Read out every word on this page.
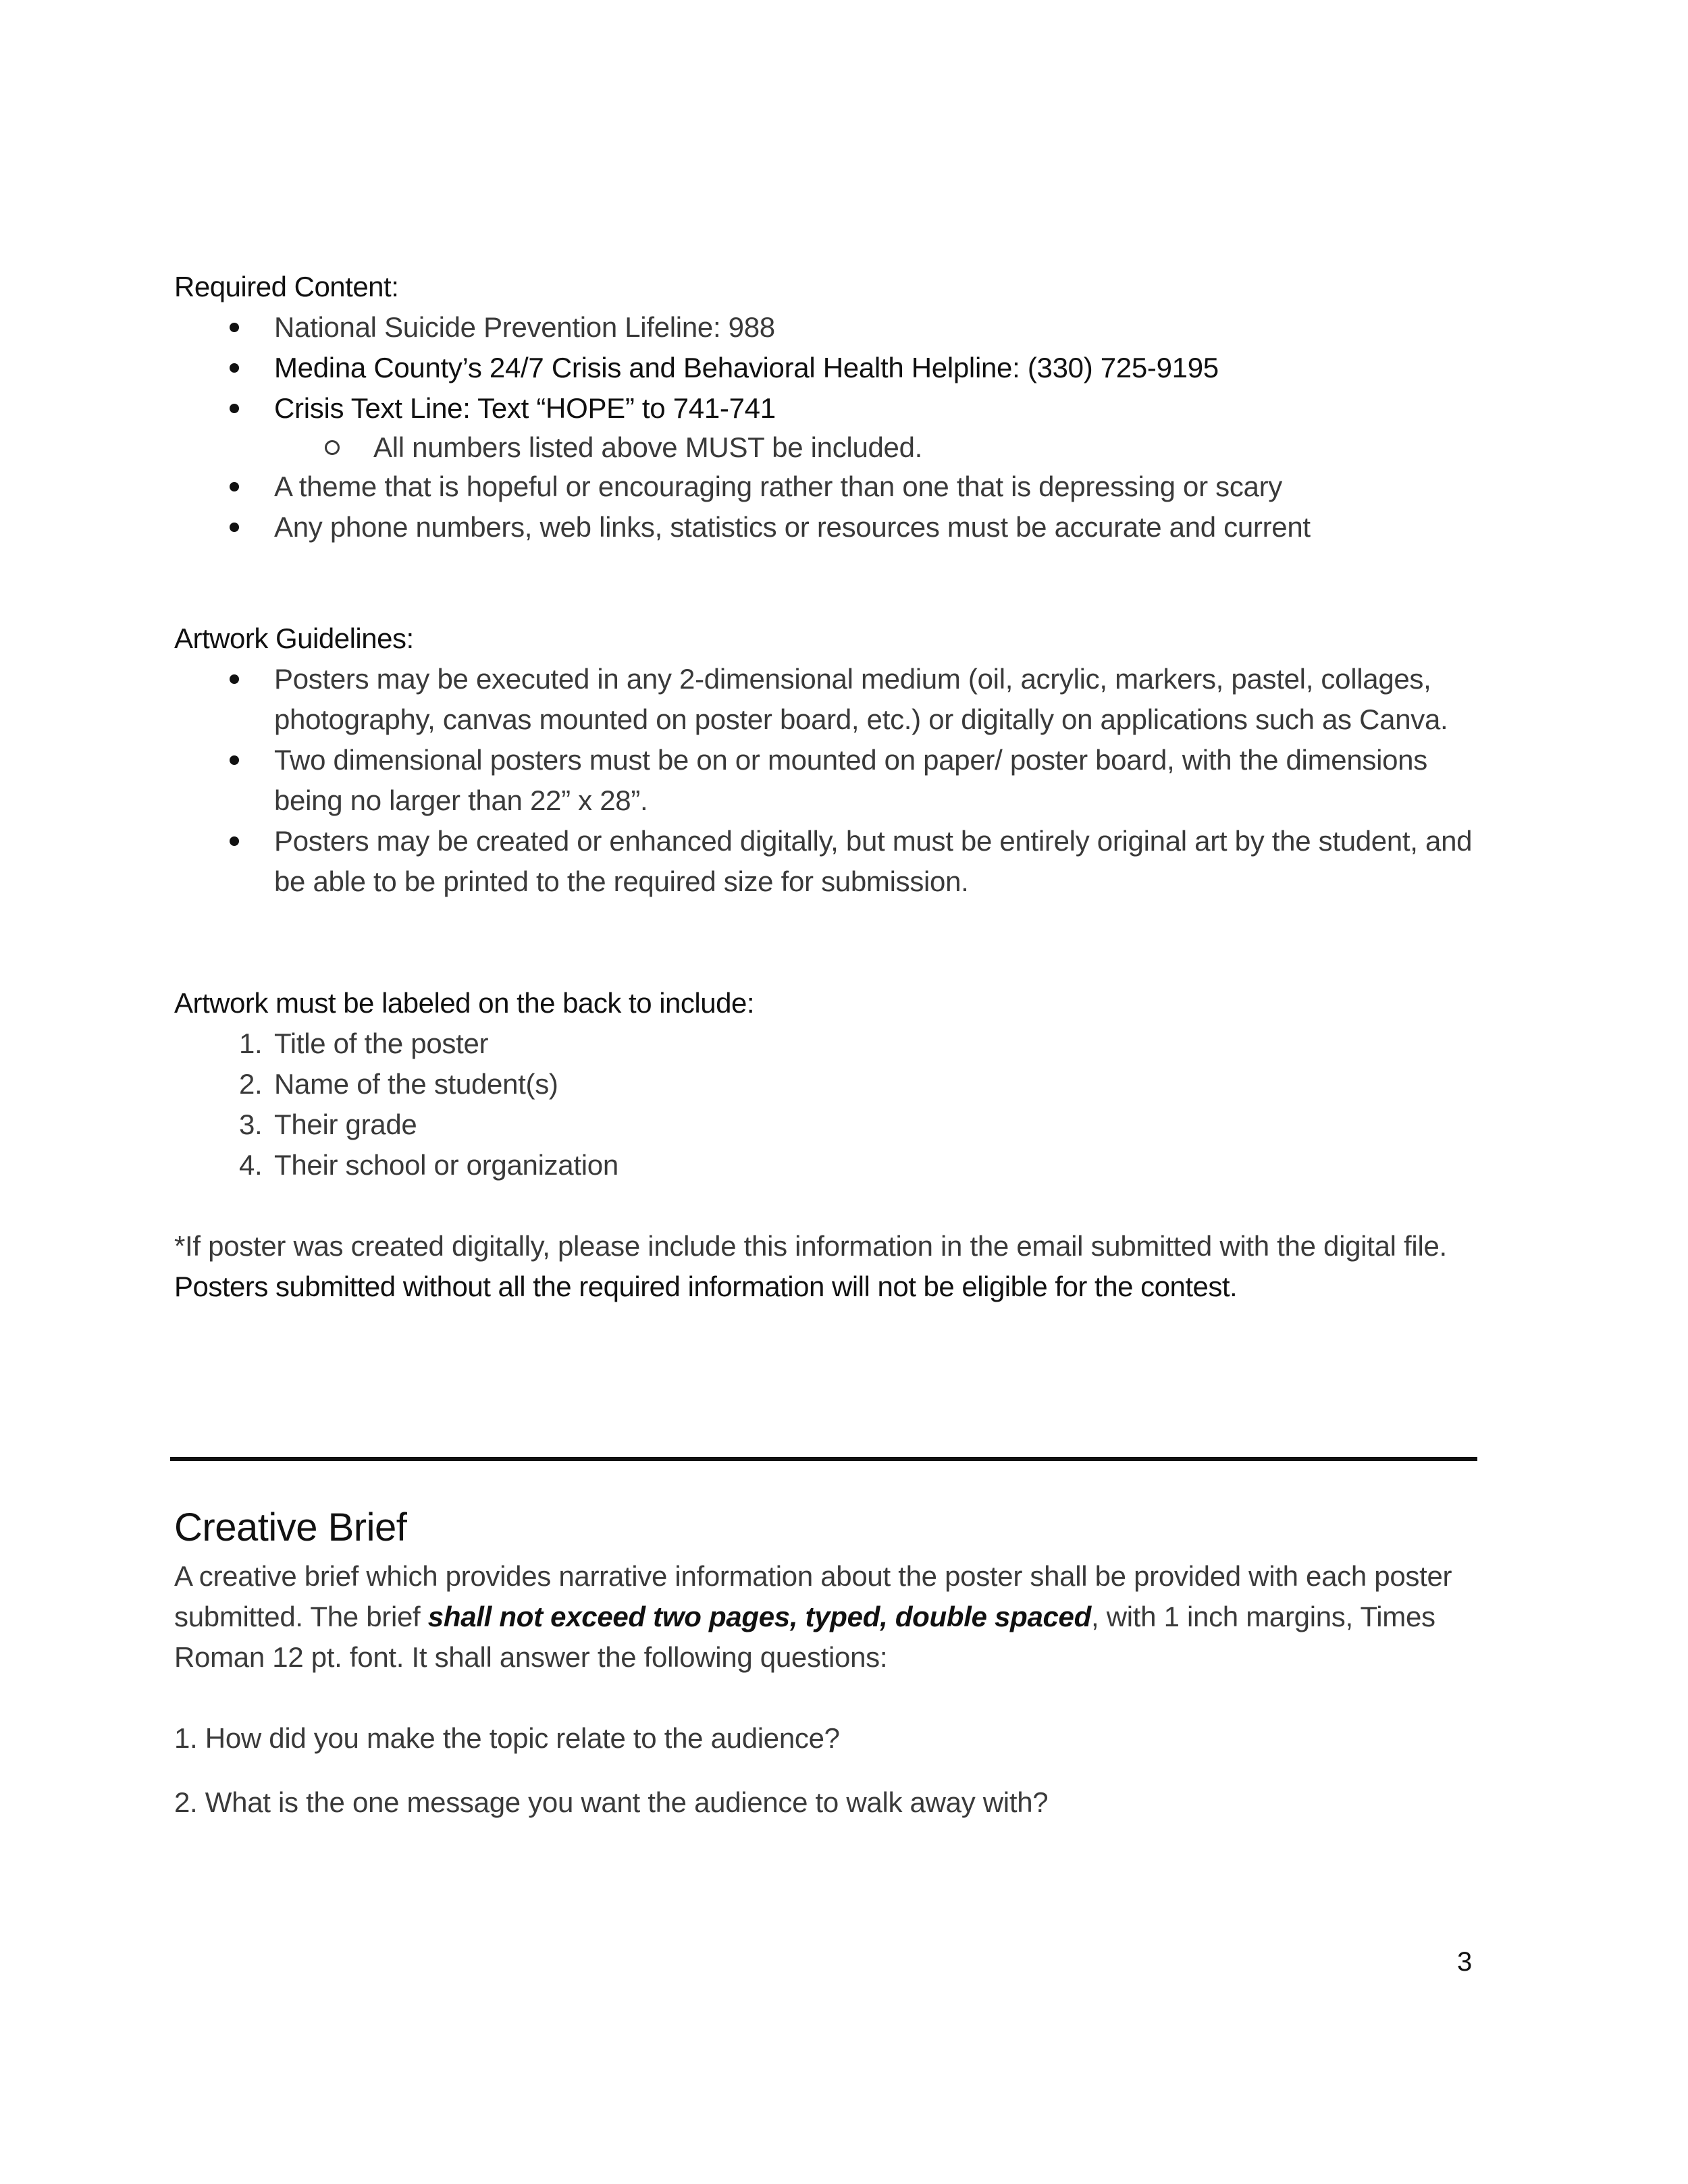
Required Content:

National Suicide Prevention Lifeline: 988
Medina County’s 24/7 Crisis and Behavioral Health Helpline: (330) 725-9195
Crisis Text Line: Text “HOPE” to 741-741
All numbers listed above MUST be included.
A theme that is hopeful or encouraging rather than one that is depressing or scary
Any phone numbers, web links, statistics or resources must be accurate and current

Artwork Guidelines:

Posters may be executed in any 2-dimensional medium (oil, acrylic, markers, pastel, collages, photography, canvas mounted on poster board, etc.) or digitally on applications such as Canva.
Two dimensional posters must be on or mounted on paper/ poster board, with the dimensions being no larger than 22” x 28”.
Posters may be created or enhanced digitally, but must be entirely original art by the student, and be able to be printed to the required size for submission.

Artwork must be labeled on the back to include:

1. Title of the poster
2. Name of the student(s)
3. Their grade
4. Their school or organization

*If poster was created digitally, please include this information in the email submitted with the digital file.

Posters submitted without all the required information will not be eligible for the contest.

Creative Brief

A creative brief which provides narrative information about the poster shall be provided with each poster submitted. The brief shall not exceed two pages, typed, double spaced, with 1 inch margins, Times Roman 12 pt. font. It shall answer the following questions:

1. How did you make the topic relate to the audience?

2. What is the one message you want the audience to walk away with?

3
